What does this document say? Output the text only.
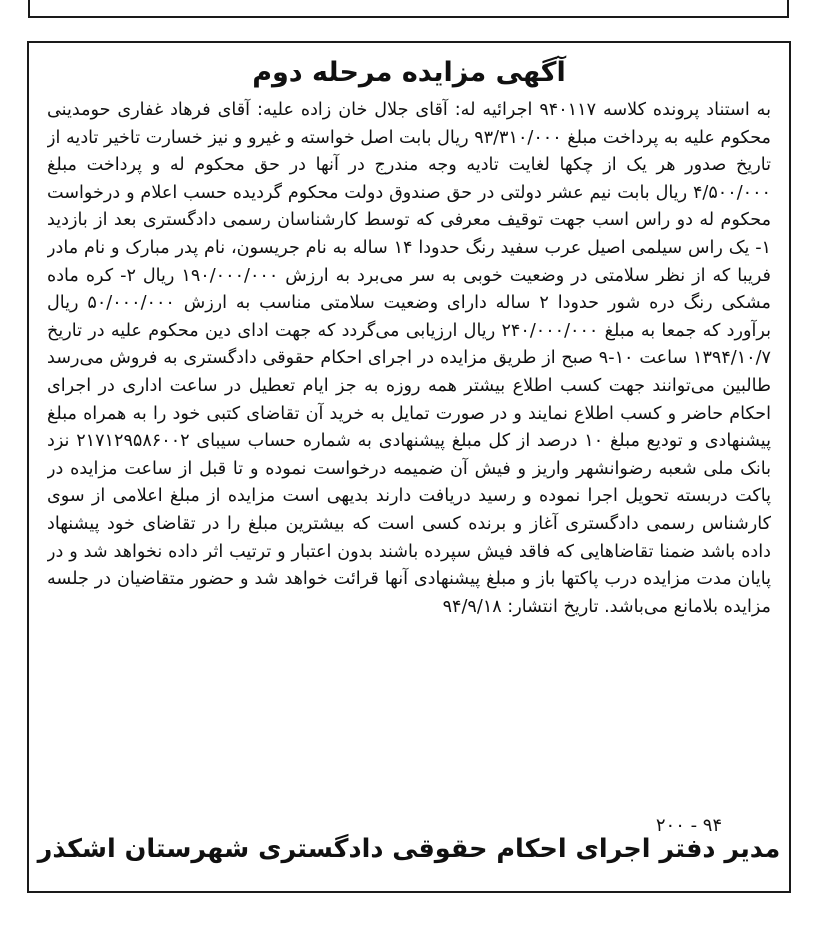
آگهی مزایده مرحله دوم

به استناد پرونده کلاسه ۹۴۰۱۱۷ اجرائیه له: آقای جلال خان زاده علیه: آقای فرهاد غفاری حومدینی محکوم علیه به پرداخت مبلغ ۹۳/۳۱۰/۰۰۰ ریال بابت اصل خواسته و غیرو و نیز خسارت تاخیر تادیه از تاریخ صدور هر یک از چکها لغایت تادیه وجه مندرج در آنها در حق محکوم له و پرداخت مبلغ ۴/۵۰۰/۰۰۰ ریال بابت نیم عشر دولتی در حق صندوق دولت محکوم گردیده حسب اعلام و درخواست محکوم له دو راس اسب جهت توقیف معرفی که توسط کارشناسان رسمی دادگستری بعد از بازدید ۱- یک راس سیلمی اصیل عرب سفید رنگ حدودا ۱۴ ساله به نام جریسون، نام پدر مبارک و نام مادر فریبا که از نظر سلامتی در وضعیت خوبی به سر می‌برد به ارزش ۱۹۰/۰۰۰/۰۰۰ ریال ۲- کره ماده مشکی رنگ دره شور حدودا ۲ ساله دارای وضعیت سلامتی مناسب به ارزش ۵۰/۰۰۰/۰۰۰ ریال برآورد که جمعا به مبلغ ۲۴۰/۰۰۰/۰۰۰ ریال ارزیابی می‌گردد که جهت ادای دین محکوم علیه در تاریخ ۱۳۹۴/۱۰/۷ ساعت ۱۰-۹ صبح از طریق مزایده در اجرای احکام حقوقی دادگستری به فروش می‌رسد طالبین می‌توانند جهت کسب اطلاع بیشتر همه روزه به جز ایام تعطیل در ساعت اداری در اجرای احکام حاضر و کسب اطلاع نمایند و در صورت تمایل به خرید آن تقاضای کتبی خود را به همراه مبلغ پیشنهادی و تودیع مبلغ ۱۰ درصد از کل مبلغ پیشنهادی به شماره حساب سیبای ۲۱۷۱۲۹۵۸۶۰۰۲ نزد بانک ملی شعبه رضوانشهر واریز و فیش آن ضمیمه درخواست نموده و تا قبل از ساعت مزایده در پاکت دربسته تحویل اجرا نموده و رسید دریافت دارند بدیهی است مزایده از مبلغ اعلامی از سوی کارشناس رسمی دادگستری آغاز و برنده کسی است که بیشترین مبلغ را در تقاضای خود پیشنهاد داده باشد ضمنا تقاضاهایی که فاقد فیش سپرده باشند بدون اعتبار و ترتیب اثر داده نخواهد شد و در پایان مدت مزایده درب پاکتها باز و مبلغ پیشنهادی آنها قرائت خواهد شد و حضور متقاضیان در جلسه مزایده بلامانع می‌باشد. تاریخ انتشار: ۹۴/۹/۱۸

۲۰۰ - ۹۴
مدیر دفتر اجرای احکام حقوقی دادگستری شهرستان اشکذر
